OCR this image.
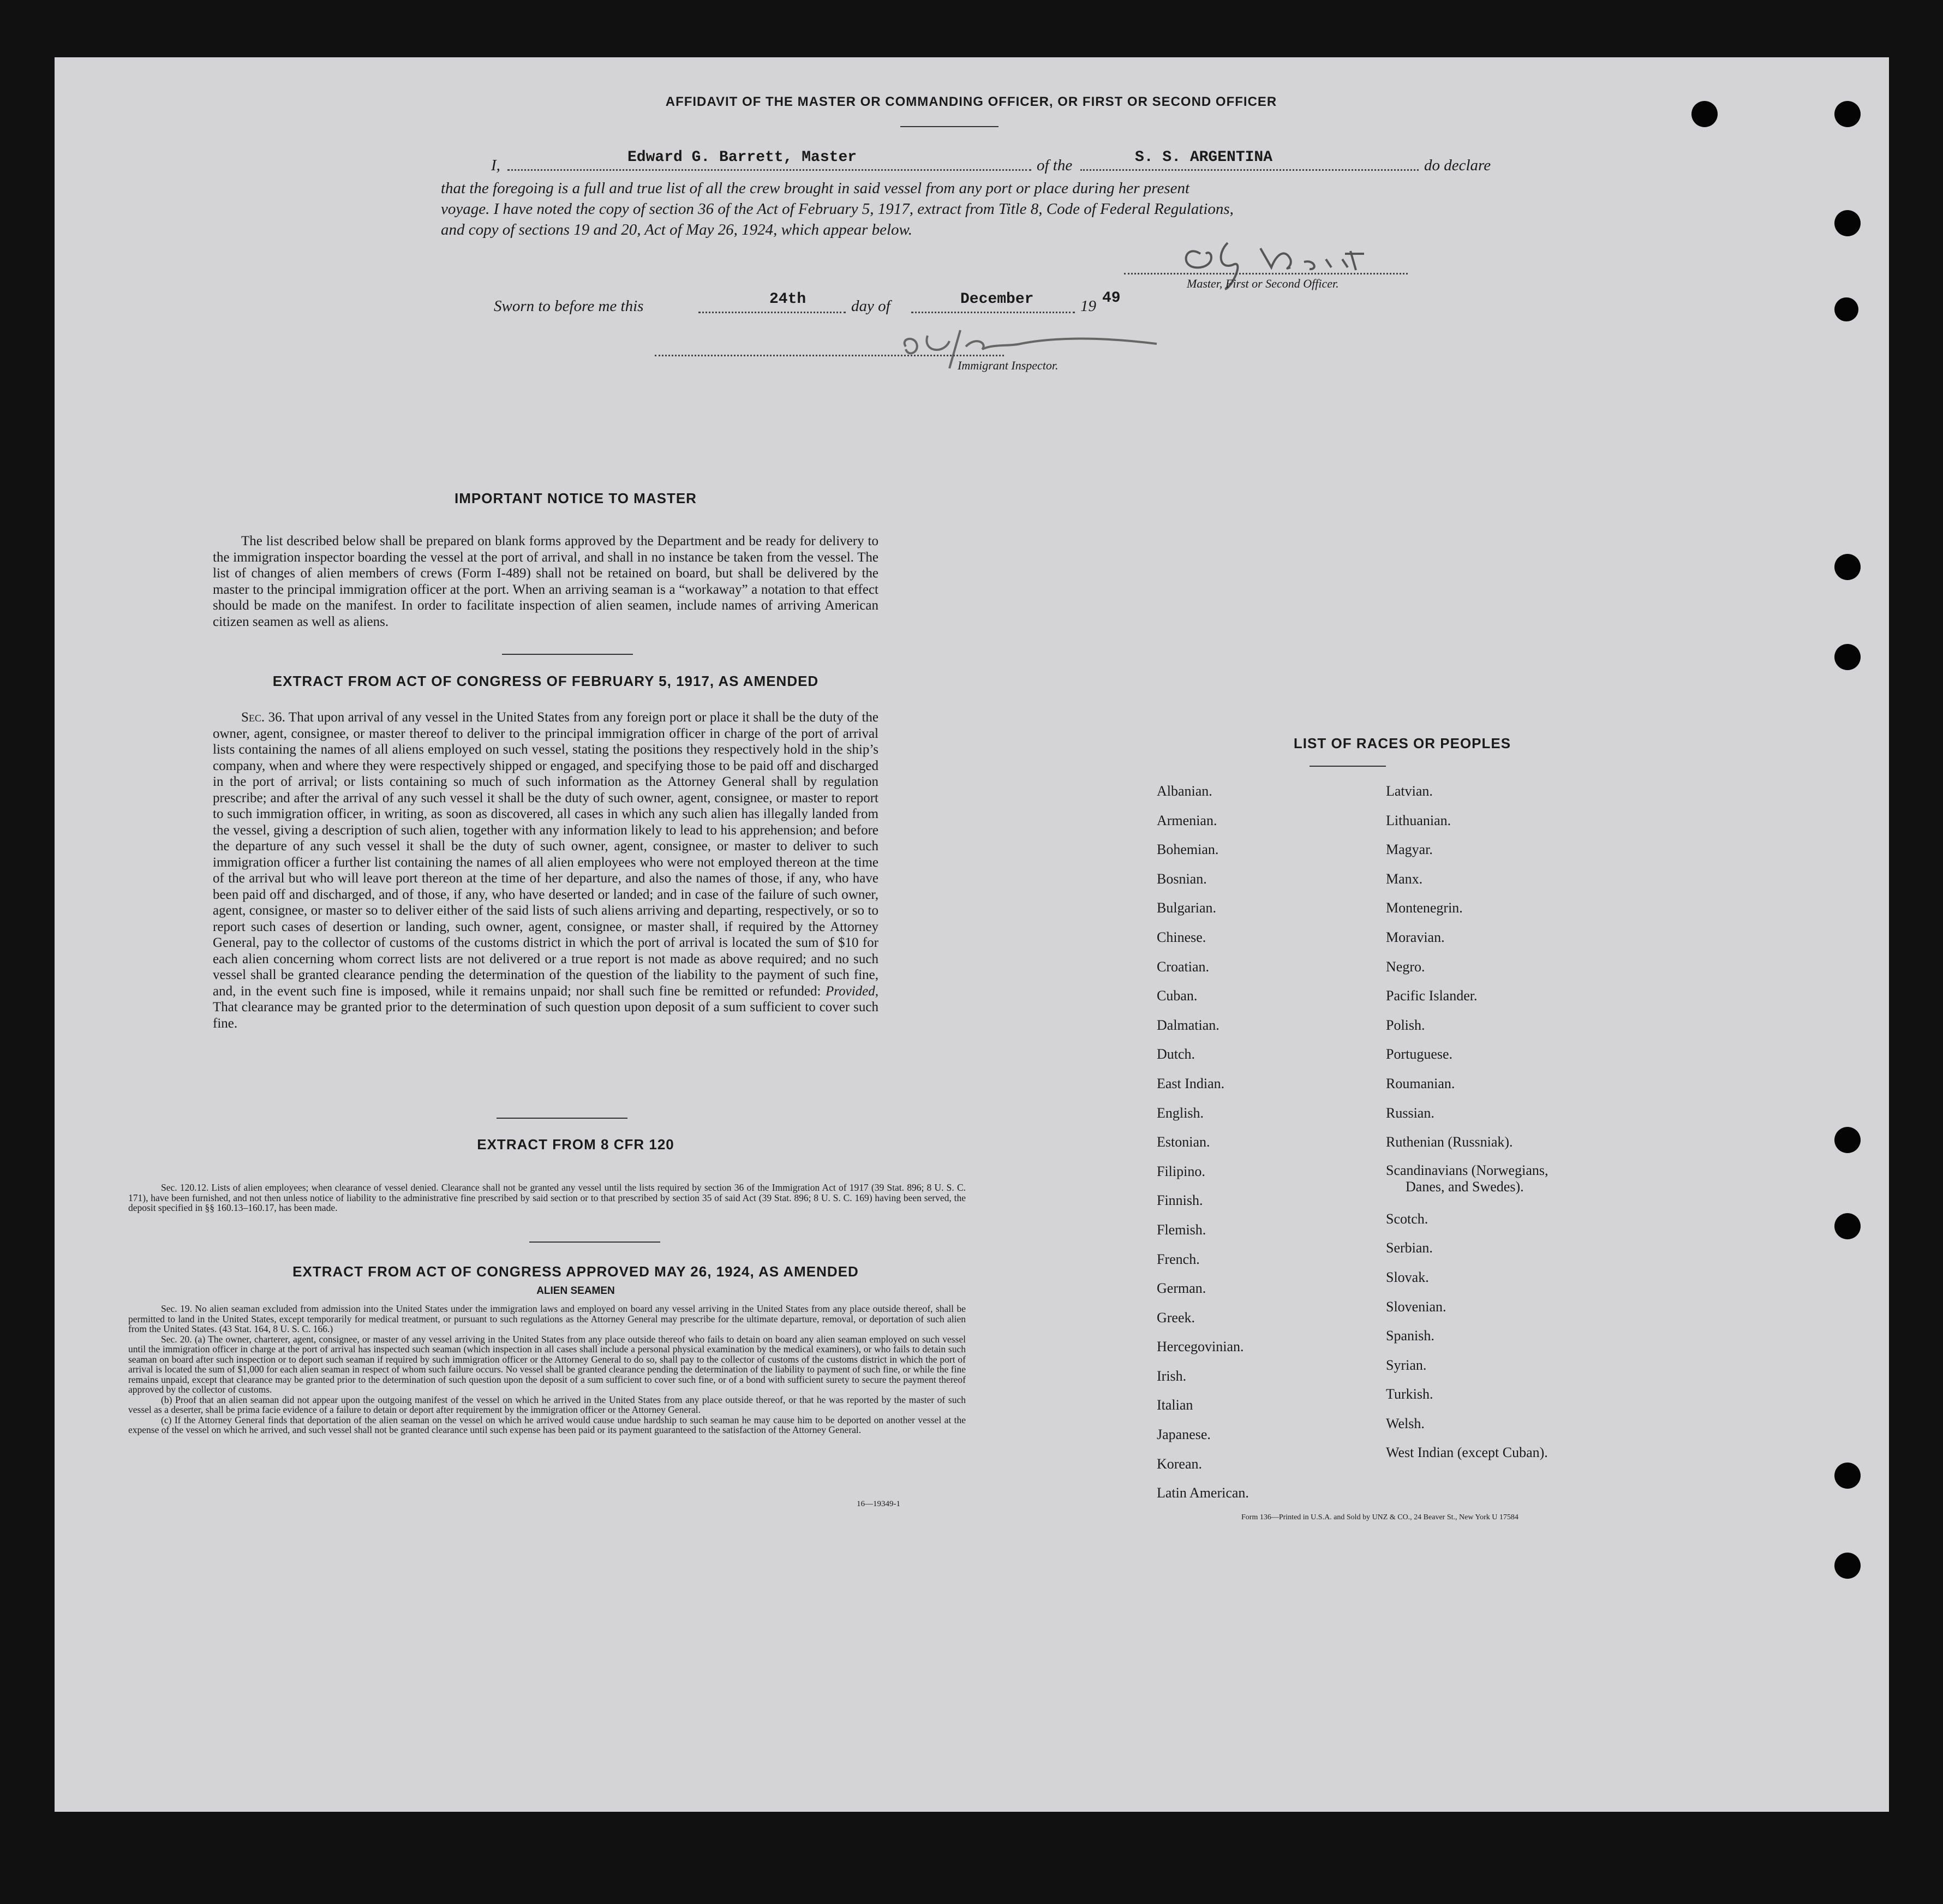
AFFIDAVIT OF THE MASTER OR COMMANDING OFFICER, OR FIRST OR SECOND OFFICER
I,	Edward G. Barrett, Master	of the	S. S. ARGENTINA	do declare
that the foregoing is a full and true list of all the crew brought in said vessel from any port or place during her present
voyage. I have noted the copy of section 36 of the Act of February 5, 1917, extract from Title 8, Code of Federal Regulations,
and copy of sections 19 and 20, Act of May 26, 1924, which appear below.
Master, First or Second Officer.
Sworn to before me this	24th	day of	December	19 49
Immigrant Inspector.
IMPORTANT NOTICE TO MASTER

The list described below shall be prepared on blank forms approved by the Department and be ready for delivery to the immigration inspector boarding the vessel at the port of arrival, and shall in no instance be taken from the vessel. The list of changes of alien members of crews (Form I-489) shall not be retained on board, but shall be delivered by the master to the principal immigration officer at the port. When an arriving seaman is a “workaway” a notation to that effect should be made on the manifest. In order to facilitate inspection of alien seamen, include names of arriving American citizen seamen as well as aliens.

EXTRACT FROM ACT OF CONGRESS OF FEBRUARY 5, 1917, AS AMENDED

Sec. 36. That upon arrival of any vessel in the United States from any foreign port or place it shall be the duty of the owner, agent, consignee, or master thereof to deliver to the principal immigration officer in charge of the port of arrival lists containing the names of all aliens employed on such vessel, stating the positions they respectively hold in the ship’s company, when and where they were respectively shipped or engaged, and specifying those to be paid off and discharged in the port of arrival; or lists containing so much of such information as the Attorney General shall by regulation prescribe; and after the arrival of any such vessel it shall be the duty of such owner, agent, consignee, or master to report to such immigration officer, in writing, as soon as discovered, all cases in which any such alien has illegally landed from the vessel, giving a description of such alien, together with any information likely to lead to his apprehension; and before the departure of any such vessel it shall be the duty of such owner, agent, consignee, or master to deliver to such immigration officer a further list containing the names of all alien employees who were not employed thereon at the time of the arrival but who will leave port thereon at the time of her departure, and also the names of those, if any, who have been paid off and discharged, and of those, if any, who have deserted or landed; and in case of the failure of such owner, agent, consignee, or master so to deliver either of the said lists of such aliens arriving and departing, respectively, or so to report such cases of desertion or landing, such owner, agent, consignee, or master shall, if required by the Attorney General, pay to the collector of customs of the customs district in which the port of arrival is located the sum of $10 for each alien concerning whom correct lists are not delivered or a true report is not made as above required; and no such vessel shall be granted clearance pending the determination of the question of the liability to the payment of such fine, and, in the event such fine is imposed, while it remains unpaid; nor shall such fine be remitted or refunded: Provided, That clearance may be granted prior to the determination of such question upon deposit of a sum sufficient to cover such fine.

EXTRACT FROM 8 CFR 120

Sec. 120.12. Lists of alien employees; when clearance of vessel denied. Clearance shall not be granted any vessel until the lists required by section 36 of the Immigration Act of 1917 (39 Stat. 896; 8 U. S. C. 171), have been furnished, and not then unless notice of liability to the administrative fine prescribed by said section or to that prescribed by section 35 of said Act (39 Stat. 896; 8 U. S. C. 169) having been served, the deposit specified in §§ 160.13–160.17, has been made.

EXTRACT FROM ACT OF CONGRESS APPROVED MAY 26, 1924, AS AMENDED
ALIEN SEAMEN

Sec. 19. No alien seaman excluded from admission into the United States under the immigration laws and employed on board any vessel arriving in the United States from any place outside thereof, shall be permitted to land in the United States, except temporarily for medical treatment, or pursuant to such regulations as the Attorney General may prescribe for the ultimate departure, removal, or deportation of such alien from the United States. (43 Stat. 164, 8 U. S. C. 166.)

Sec. 20. (a) The owner, charterer, agent, consignee, or master of any vessel arriving in the United States from any place outside thereof who fails to detain on board any alien seaman employed on such vessel until the immigration officer in charge at the port of arrival has inspected such seaman (which inspection in all cases shall include a personal physical examination by the medical examiners), or who fails to detain such seaman on board after such inspection or to deport such seaman if required by such immigration officer or the Attorney General to do so, shall pay to the collector of customs of the customs district in which the port of arrival is located the sum of $1,000 for each alien seaman in respect of whom such failure occurs. No vessel shall be granted clearance pending the determination of the liability to payment of such fine, or while the fine remains unpaid, except that clearance may be granted prior to the determination of such question upon the deposit of a sum sufficient to cover such fine, or of a bond with sufficient surety to secure the payment thereof approved by the collector of customs.

(b) Proof that an alien seaman did not appear upon the outgoing manifest of the vessel on which he arrived in the United States from any place outside thereof, or that he was reported by the master of such vessel as a deserter, shall be prima facie evidence of a failure to detain or deport after requirement by the immigration officer or the Attorney General.

(c) If the Attorney General finds that deportation of the alien seaman on the vessel on which he arrived would cause undue hardship to such seaman he may cause him to be deported on another vessel at the expense of the vessel on which he arrived, and such vessel shall not be granted clearance until such expense has been paid or its payment guaranteed to the satisfaction of the Attorney General.

16—19349-1
LIST OF RACES OR PEOPLES
Albanian.
Armenian.
Bohemian.
Bosnian.
Bulgarian.
Chinese.
Croatian.
Cuban.
Dalmatian.
Dutch.
East Indian.
English.
Estonian.
Filipino.
Finnish.
Flemish.
French.
German.
Greek.
Hercegovinian.
Irish.
Italian
Japanese.
Korean.
Latin American.
Latvian.
Lithuanian.
Magyar.
Manx.
Montenegrin.
Moravian.
Negro.
Pacific Islander.
Polish.
Portuguese.
Roumanian.
Russian.
Ruthenian (Russniak).
Scandinavians (Norwegians,
Danes, and Swedes).
Scotch.
Serbian.
Slovak.
Slovenian.
Spanish.
Syrian.
Turkish.
Welsh.
West Indian (except Cuban).
Form 136—Printed in U.S.A. and Sold by UNZ & CO., 24 Beaver St., New York U 17584
